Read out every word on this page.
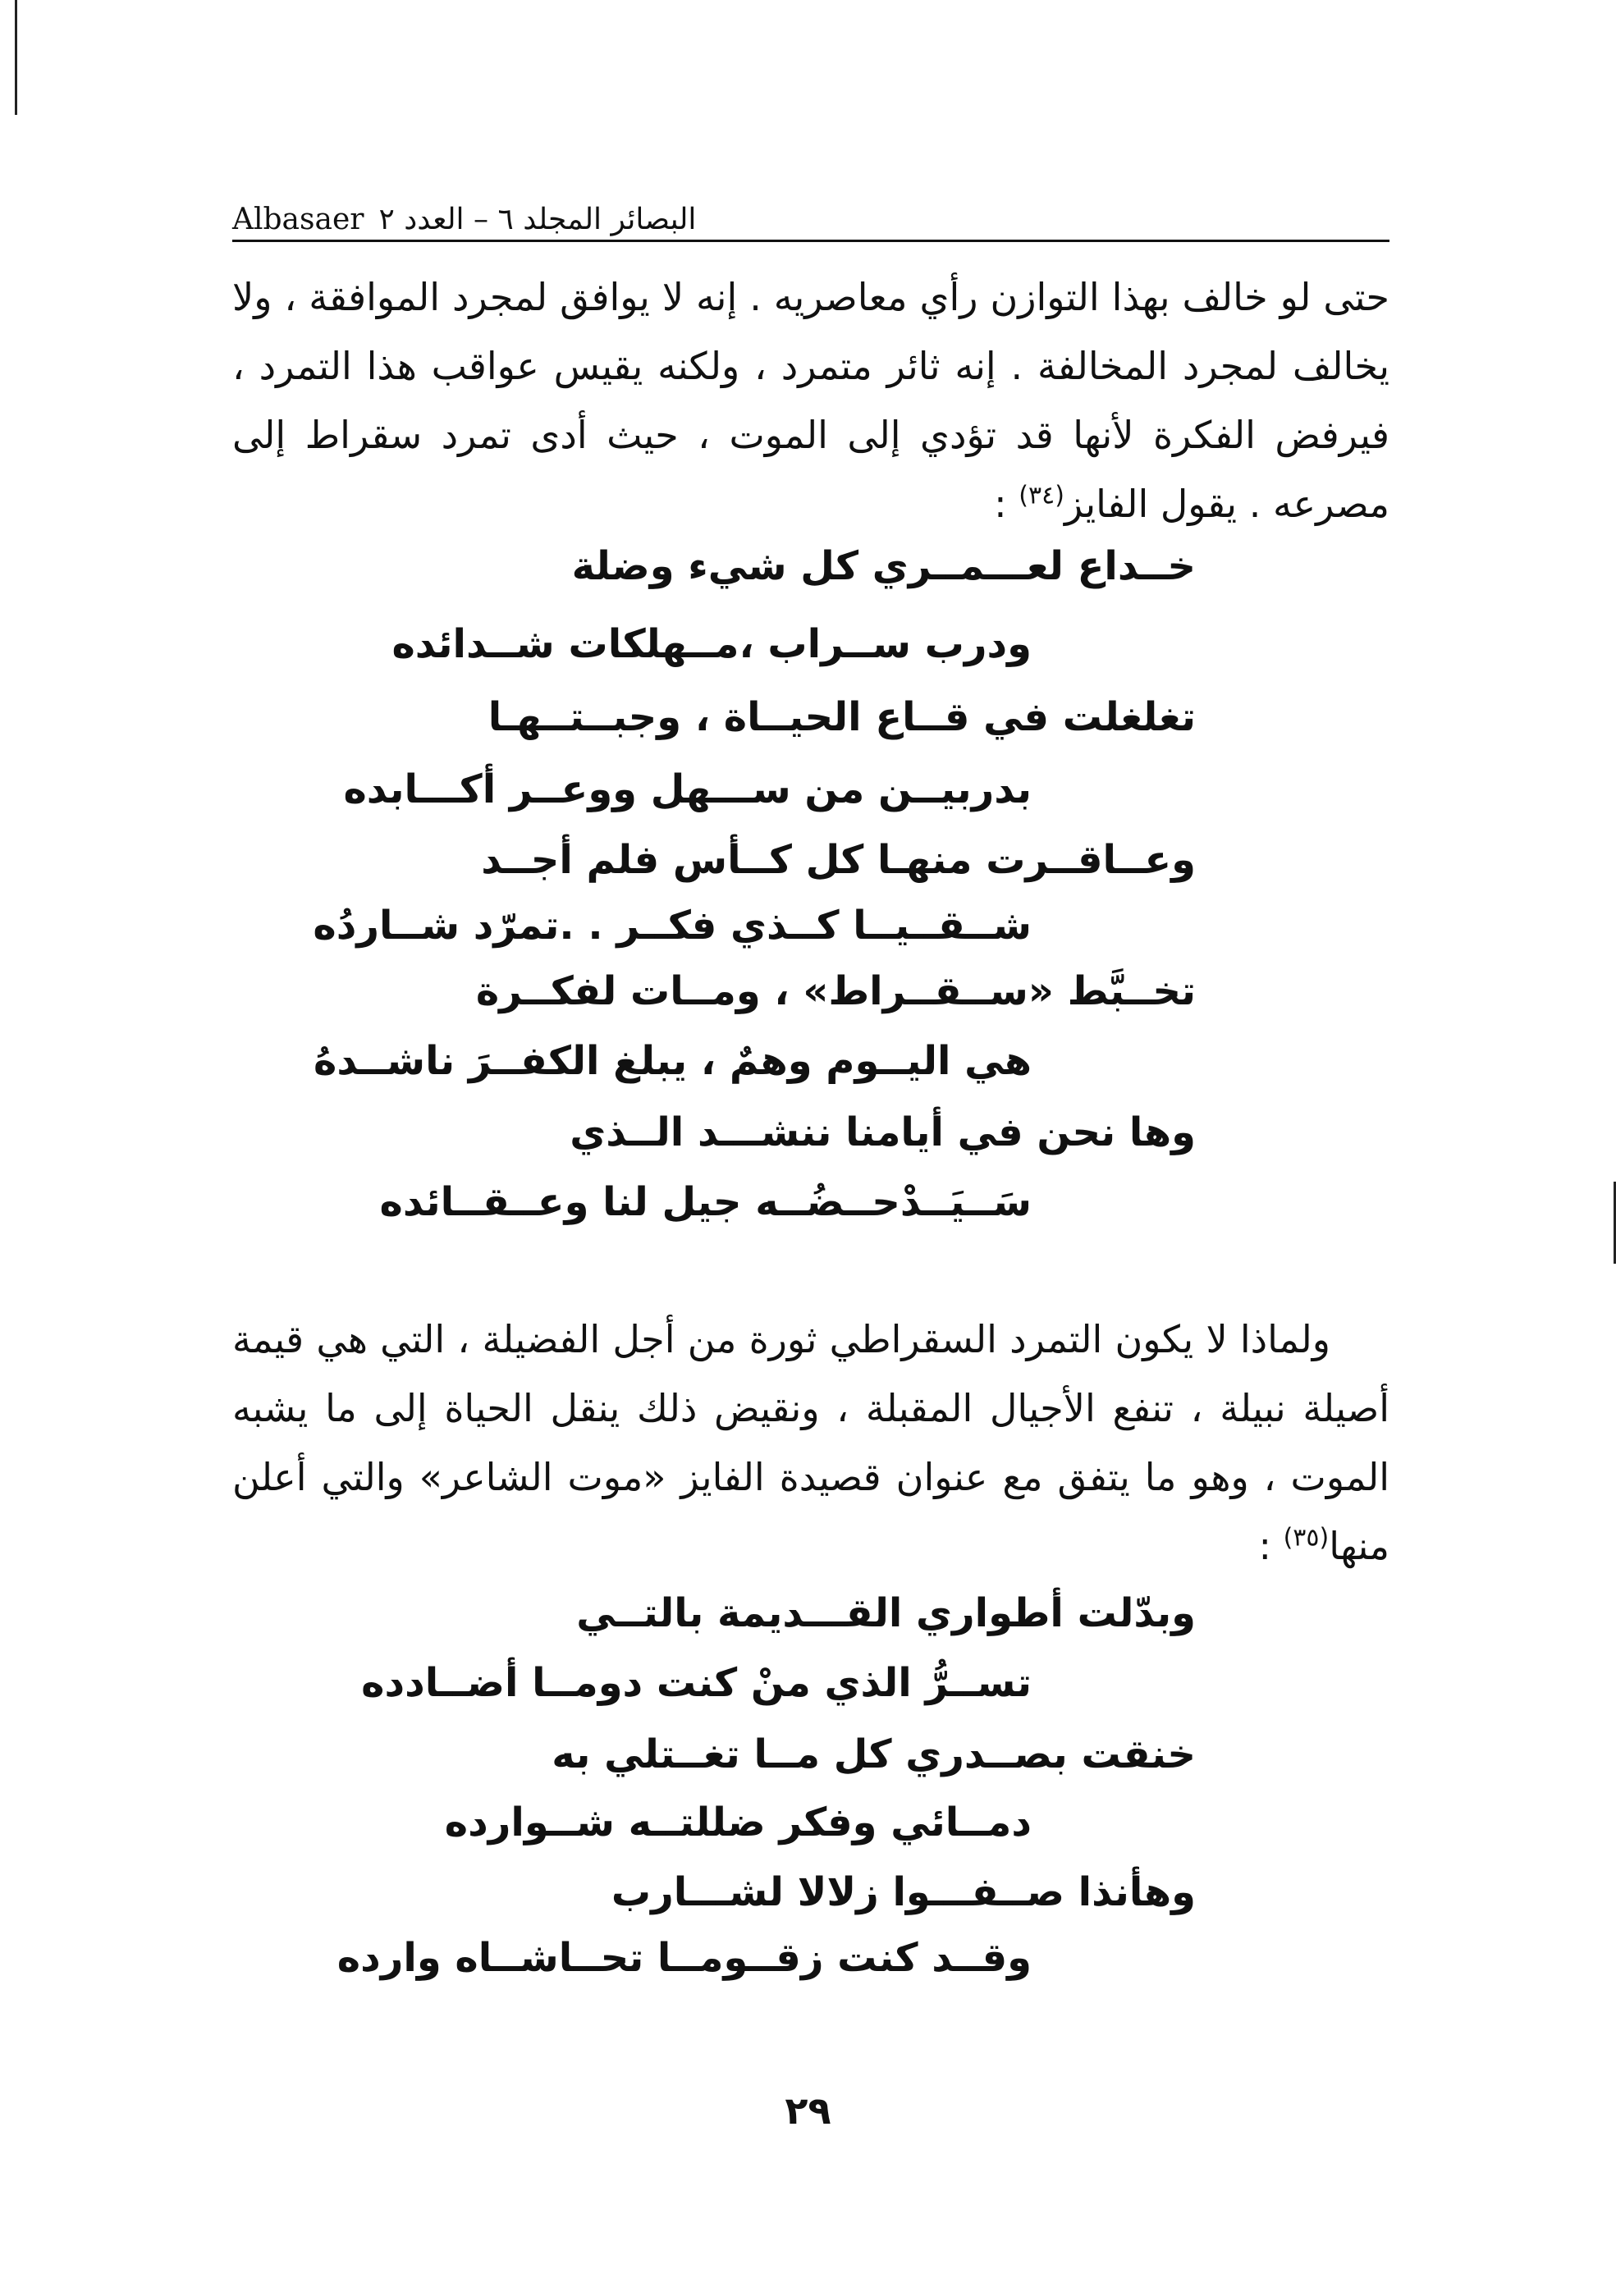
Albasaer البصائر المجلد ٦ – العدد ٢
حتى لو خالف بهذا التوازن رأي معاصريه . إنه لا يوافق لمجرد الموافقة ، ولا يخالف لمجرد المخالفة . إنه ثائر متمرد ، ولكنه يقيس عواقب هذا التمرد ، فيرفض الفكرة لأنها قد تؤدي إلى الموت ، حيث أدى تمرد سقراط إلى مصرعه . يقول الفايز$^{(٣٤)}$ :
خــداع لعـــمــري كل شيء وضلة
ودرب ســراب ،مــهلكات شــدائده
تغلغلت في قــاع الحيــاة ، وجبــتــهـا
بدربيــن من ســـهل ووعــر أكـــابده
وعــاقــرت منهـا كل كــأس فلم أجــد
شــقــيــا كــذي فكــر . .تمرّد شــاردُه
تخــبَّط «ســقــراط» ، ومــات لفكــرة
هي اليــوم وهمٌ ، يبلغ الكفــرَ ناشــدهُ
وها نحن في أيامنا ننشـــد الــذي
سَــيَــدْحــضُــه جيل لنا وعــقــائده
ولماذا لا يكون التمرد السقراطي ثورة من أجل الفضيلة ، التي هي قيمة أصيلة نبيلة ، تنفع الأجيال المقبلة ، ونقيض ذلك ينقل الحياة إلى ما يشبه الموت ، وهو ما يتفق مع عنوان قصيدة الفايز «موت الشاعر» والتي أعلن منها$^{(٣٥)}$ :
وبدّلت أطواري القـــديمة بالتــي
تســرُّ الذي منْ كنت دومــا أضــادده
خنقت بصــدري كل مــا تغــتلي به
دمــائي وفكر ضللتــه شــوارده
وهأنذا صــفـــوا زلالا لشـــارب
وقــد كنت زقــومــا تحــاشــاه وارده
٢٩
